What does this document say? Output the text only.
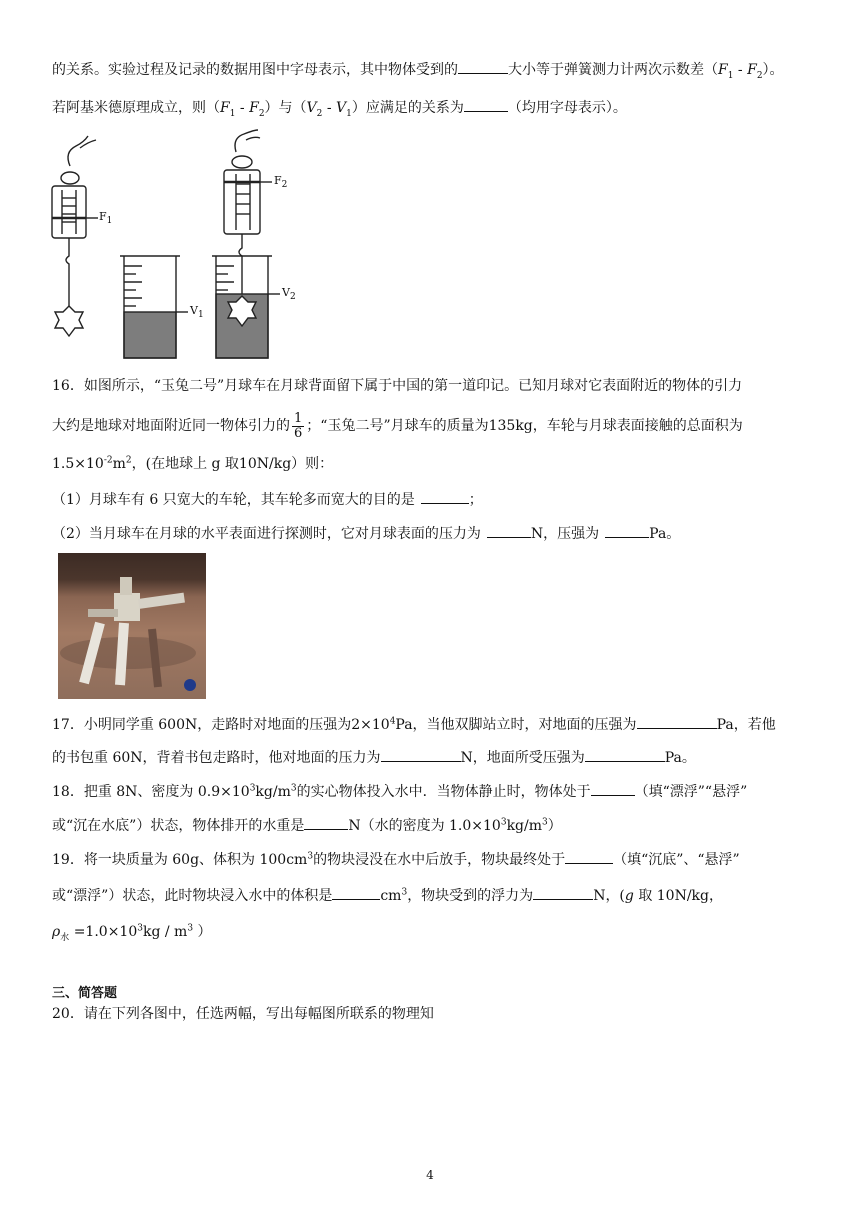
的关系。实验过程及记录的数据用图中字母表示，其中物体受到的	大小等于弹簧测力计两次示数差$(F_1 - F_2)$。
若阿基米德原理成立，则$(F_1 - F_2)$与$(V_2 - V_1)$应满足的关系为	（均用字母表示）。
$F_1$
$V_1$
$F_2$
$V_2$
16．如图所示，“玉兔二号”月球车在月球背面留下属于中国的第一道印记。已知月球对它表面附近的物体的引力
大约是地球对地面附近同一物体引力的 $\frac{1}{6}$ ；“玉兔二号”月球车的质量为135kg，车轮与月球表面接触的总面积为
$1.5\times 10^{-2}m^2$，(在地球上 g 取10N/kg）则：
（1）月球车有 6 只宽大的车轮，其车轮多而宽大的目的是	；
（2）当月球车在月球的水平表面进行探测时，它对月球表面的压力为	N，压强为	Pa。
17．小明同学重 600N，走路时对地面的压强为$2\times 10^4Pa$，当他双脚站立时，对地面的压强为	Pa，若他
的书包重 60N，背着书包走路时，他对地面的压力为	N，地面所受压强为	Pa。
18．把重 8N、密度为 $0.9\times 10^3kg/m^3$的实心物体投入水中．当物体静止时，物体处于	（填“漂浮”“悬浮”
或“沉在水底”）状态，物体排开的水重是	N（水的密度为 $1.0\times 10^3kg/m^3$）
19．将一块质量为 60g、体积为 $100cm^3$的物块浸没在水中后放手，物块最终处于	（填“沉底”、“悬浮”
或“漂浮”）状态，此时物块浸入水中的体积是	$cm^3$，物块受到的浮力为	N，(g 取 10N/kg，
$\rho_水 =1.0\times 10^3kg / m^3$ ）
三、简答题
20．请在下列各图中，任选两幅，写出每幅图所联系的物理知
4
